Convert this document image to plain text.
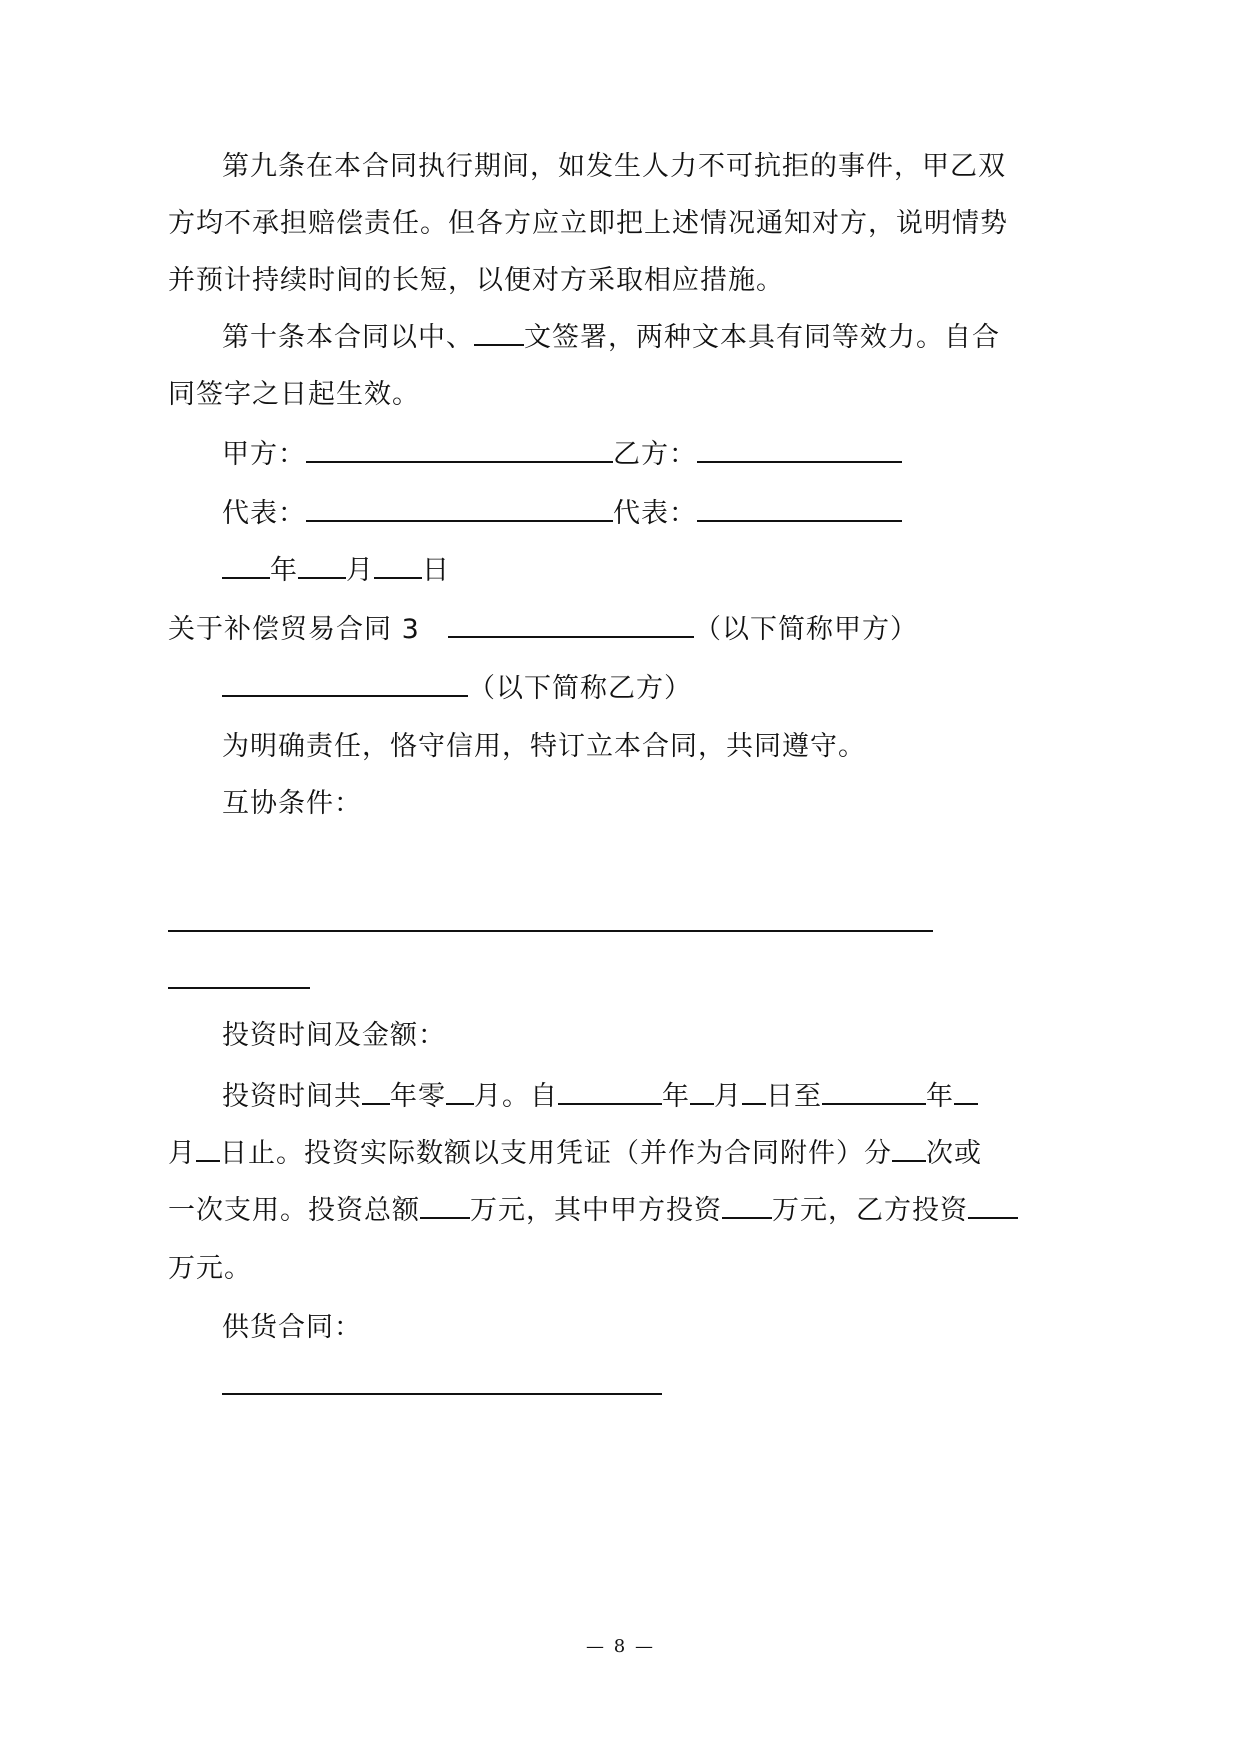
第九条在本合同执行期间，如发生人力不可抗拒的事件，甲乙双
方均不承担赔偿责任。但各方应立即把上述情况通知对方，说明情势
并预计持续时间的长短，以便对方采取相应措施。
第十条本合同以中、 文签署，两种文本具有同等效力。自合
同签字之日起生效。
甲方：	乙方：
代表：	代表：
年 月 日
关于补偿贸易合同 3	（以下简称甲方）
（以下简称乙方）
为明确责任，恪守信用，特订立本合同，共同遵守。
互协条件：
投资时间及金额：
投资时间共 年零 月。自	年 月 日至	年
月 日止。投资实际数额以支用凭证（并作为合同附件）分 次或
一次支用。投资总额 万元，其中甲方投资 万元，乙方投资
万元。
供货合同：
— 8 —
